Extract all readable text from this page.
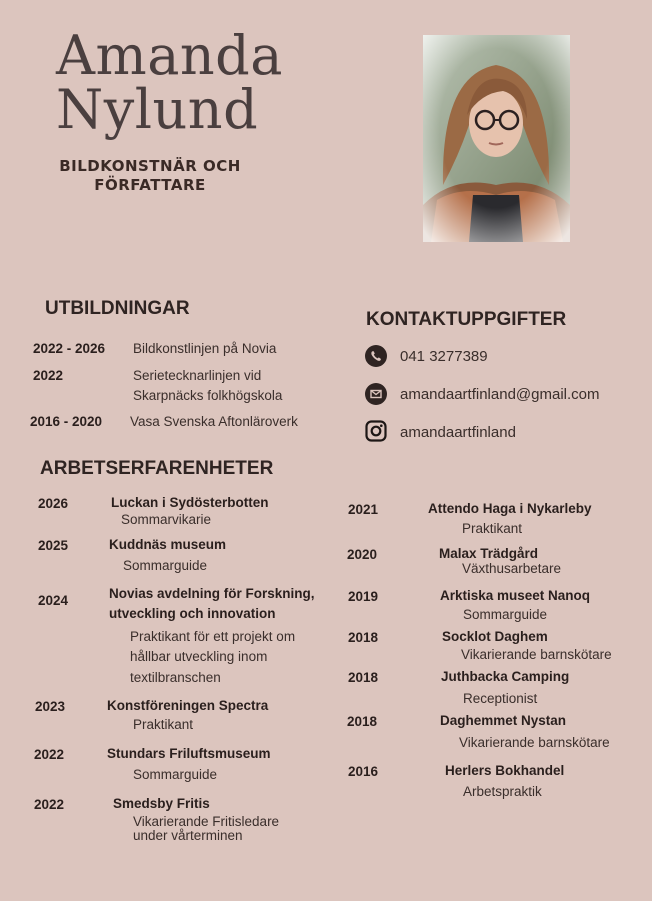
Amanda
Nylund
BILDKONSTNÄR OCH
FÖRFATTARE
UTBILDNINGAR
2022 - 2026 Bildkonstlinjen på Novia
2022	Serietecknarlinjen vid
Skarpnäcks folkhögskola
2016 - 2020 Vasa Svenska Aftonläroverk
KONTAKTUPPGIFTER
041 3277389
amandaartfinland@gmail.com
amandaartfinland
ARBETSERFARENHETER
2026	Luckan i Sydösterbotten
Sommarvikarie
2025	Kuddnäs museum
Sommarguide
2024	Novias avdelning för Forskning,
utveckling och innovation
Praktikant för ett projekt om
hållbar utveckling inom
textilbranschen
2023	Konstföreningen Spectra
Praktikant
2022	Stundars Friluftsmuseum
Sommarguide
2022	Smedsby Fritis
Vikarierande Fritisledare
under vårterminen
2021	Attendo Haga i Nykarleby
Praktikant
2020	Malax Trädgård
Växthusarbetare
2019	Arktiska museet Nanoq
Sommarguide
2018	Socklot Daghem
Vikarierande barnskötare
2018	Juthbacka Camping
Receptionist
2018	Daghemmet Nystan
Vikarierande barnskötare
2016	Herlers Bokhandel
Arbetspraktik
